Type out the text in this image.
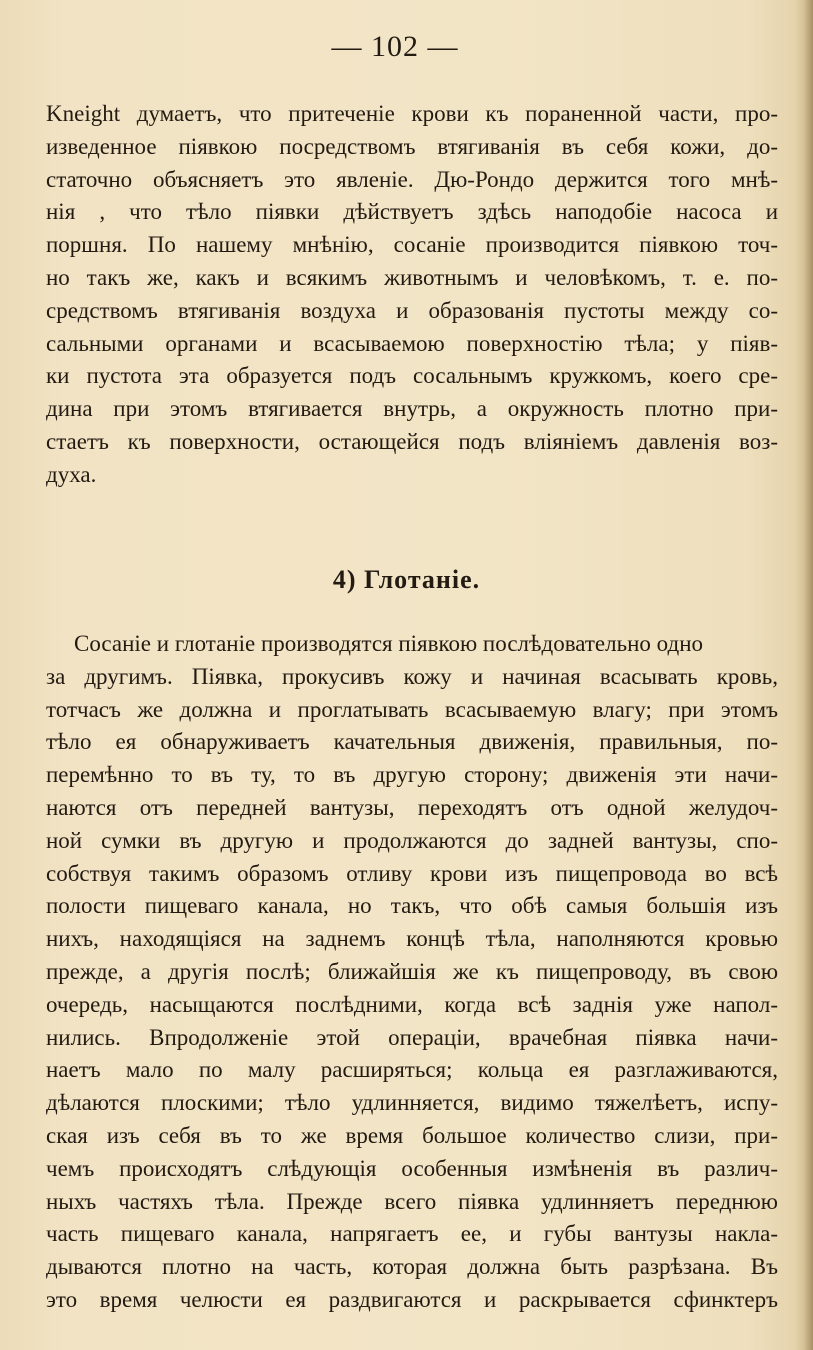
— 102 —
Knеight думаетъ, что притеченіе крови къ пораненной части, про-
изведенное піявкою посредствомъ втягиванія въ себя кожи, до-
статочно объясняетъ это явленіе. Дю-Рондо держится того мнѣ-
нія , что тѣло піявки дѣйствуетъ здѣсь наподобіе насоса и
поршня. По нашему мнѣнію, сосаніе производится піявкою точ-
но такъ же, какъ и всякимъ животнымъ и человѣкомъ, т. е. по-
средствомъ втягиванія воздуха и образованія пустоты между со-
сальными органами и всасываемою поверхностію тѣла; у піяв-
ки пустота эта образуется подъ сосальнымъ кружкомъ, коего сре-
дина при этомъ втягивается внутрь, а окружность плотно при-
стаетъ къ поверхности, остающейся подъ вліяніемъ давленія воз-
духа.
4) Глотаніе.
Сосаніе и глотаніе производятся піявкою послѣдовательно одно
за другимъ. Піявка, прокусивъ кожу и начиная всасывать кровь,
тотчасъ же должна и проглатывать всасываемую влагу; при этомъ
тѣло ея обнаруживаетъ качательныя движенія, правильныя, по-
перемѣнно то въ ту, то въ другую сторону; движенія эти начи-
наются отъ передней вантузы, переходятъ отъ одной желудоч-
ной сумки въ другую и продолжаются до задней вантузы, спо-
собствуя такимъ образомъ отливу крови изъ пищепровода во всѣ
полости пищеваго канала, но такъ, что обѣ самыя большія изъ
нихъ, находящіяся на заднемъ концѣ тѣла, наполняются кровью
прежде, а другія послѣ; ближайшія же къ пищепроводу, въ свою
очередь, насыщаются послѣдними, когда всѣ заднія уже напол-
нились. Впродолженіе этой операціи, врачебная піявка начи-
наетъ мало по малу расширяться; кольца ея разглаживаются,
дѣлаются плоскими; тѣло удлинняется, видимо тяжелѣетъ, испу-
ская изъ себя въ то же время большое количество слизи, при-
чемъ происходятъ слѣдующія особенныя измѣненія въ различ-
ныхъ частяхъ тѣла. Прежде всего піявка удлинняетъ переднюю
часть пищеваго канала, напрягаетъ ее, и губы вантузы накла-
дываются плотно на часть, которая должна быть разрѣзана. Въ
это время челюсти ея раздвигаются и раскрывается сфинктеръ
